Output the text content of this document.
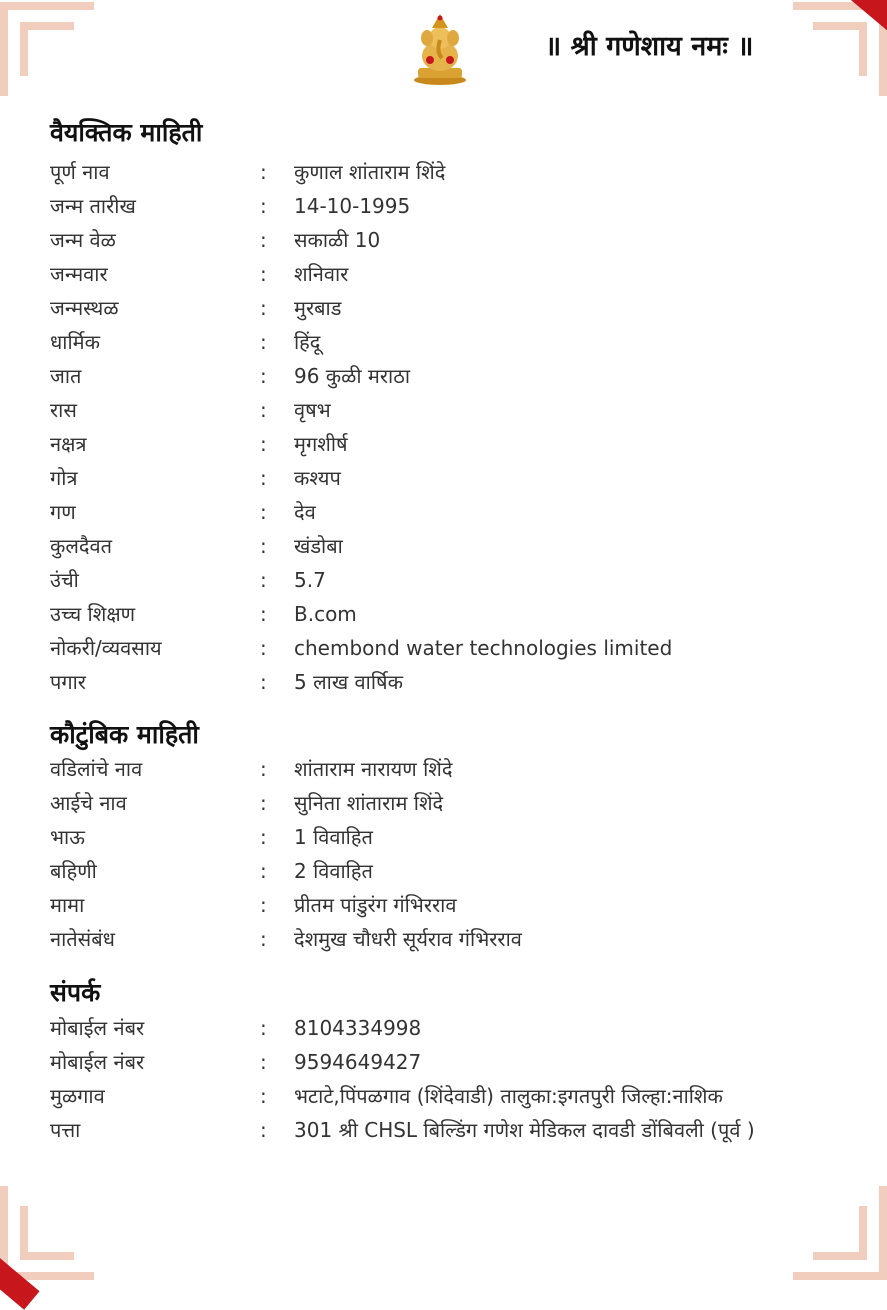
॥ श्री गणेशाय नमः ॥
वैयक्तिक माहिती
पूर्ण नाव	: कुणाल शांताराम शिंदे
जन्म तारीख	: 14-10-1995
जन्म वेळ	: सकाळी 10
जन्मवार	: शनिवार
जन्मस्थळ	: मुरबाड
धार्मिक	: हिंदू
जात	: 96 कुळी मराठा
रास	: वृषभ
नक्षत्र	: मृगशीर्ष
गोत्र	: कश्यप
गण	: देव
कुलदैवत	: खंडोबा
उंची	: 5.7
उच्च शिक्षण	: B.com
नोकरी/व्यवसाय	: chembond water technologies limited
पगार	: 5 लाख वार्षिक
कौटुंबिक माहिती
वडिलांचे नाव	: शांताराम नारायण शिंदे
आईचे नाव	: सुनिता शांताराम शिंदे
भाऊ	: 1 विवाहित
बहिणी	: 2 विवाहित
मामा	: प्रीतम पांडुरंग गंभिरराव
नातेसंबंध	: देशमुख चौधरी सूर्यराव गंभिरराव
संपर्क
मोबाईल नंबर	: 8104334998
मोबाईल नंबर	: 9594649427
मुळगाव	: भटाटे,पिंपळगाव (शिंदेवाडी) तालुका:इगतपुरी जिल्हा:नाशिक
पत्ता	: 301 श्री CHSL बिल्डिंग गणेश मेडिकल दावडी डोंबिवली (पूर्व )
